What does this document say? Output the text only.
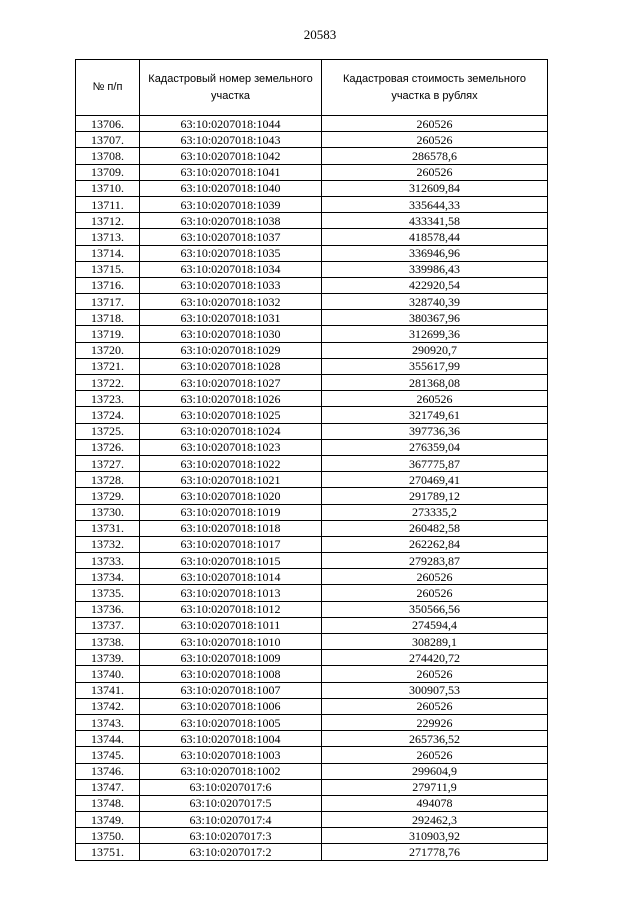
20583
№ п/п	Кадастровый номер земельного участка	Кадастровая стоимость земельного участка в рублях
13706.	63:10:0207018:1044	260526
13707.	63:10:0207018:1043	260526
13708.	63:10:0207018:1042	286578,6
13709.	63:10:0207018:1041	260526
13710.	63:10:0207018:1040	312609,84
13711.	63:10:0207018:1039	335644,33
13712.	63:10:0207018:1038	433341,58
13713.	63:10:0207018:1037	418578,44
13714.	63:10:0207018:1035	336946,96
13715.	63:10:0207018:1034	339986,43
13716.	63:10:0207018:1033	422920,54
13717.	63:10:0207018:1032	328740,39
13718.	63:10:0207018:1031	380367,96
13719.	63:10:0207018:1030	312699,36
13720.	63:10:0207018:1029	290920,7
13721.	63:10:0207018:1028	355617,99
13722.	63:10:0207018:1027	281368,08
13723.	63:10:0207018:1026	260526
13724.	63:10:0207018:1025	321749,61
13725.	63:10:0207018:1024	397736,36
13726.	63:10:0207018:1023	276359,04
13727.	63:10:0207018:1022	367775,87
13728.	63:10:0207018:1021	270469,41
13729.	63:10:0207018:1020	291789,12
13730.	63:10:0207018:1019	273335,2
13731.	63:10:0207018:1018	260482,58
13732.	63:10:0207018:1017	262262,84
13733.	63:10:0207018:1015	279283,87
13734.	63:10:0207018:1014	260526
13735.	63:10:0207018:1013	260526
13736.	63:10:0207018:1012	350566,56
13737.	63:10:0207018:1011	274594,4
13738.	63:10:0207018:1010	308289,1
13739.	63:10:0207018:1009	274420,72
13740.	63:10:0207018:1008	260526
13741.	63:10:0207018:1007	300907,53
13742.	63:10:0207018:1006	260526
13743.	63:10:0207018:1005	229926
13744.	63:10:0207018:1004	265736,52
13745.	63:10:0207018:1003	260526
13746.	63:10:0207018:1002	299604,9
13747.	63:10:0207017:6	279711,9
13748.	63:10:0207017:5	494078
13749.	63:10:0207017:4	292462,3
13750.	63:10:0207017:3	310903,92
13751.	63:10:0207017:2	271778,76
